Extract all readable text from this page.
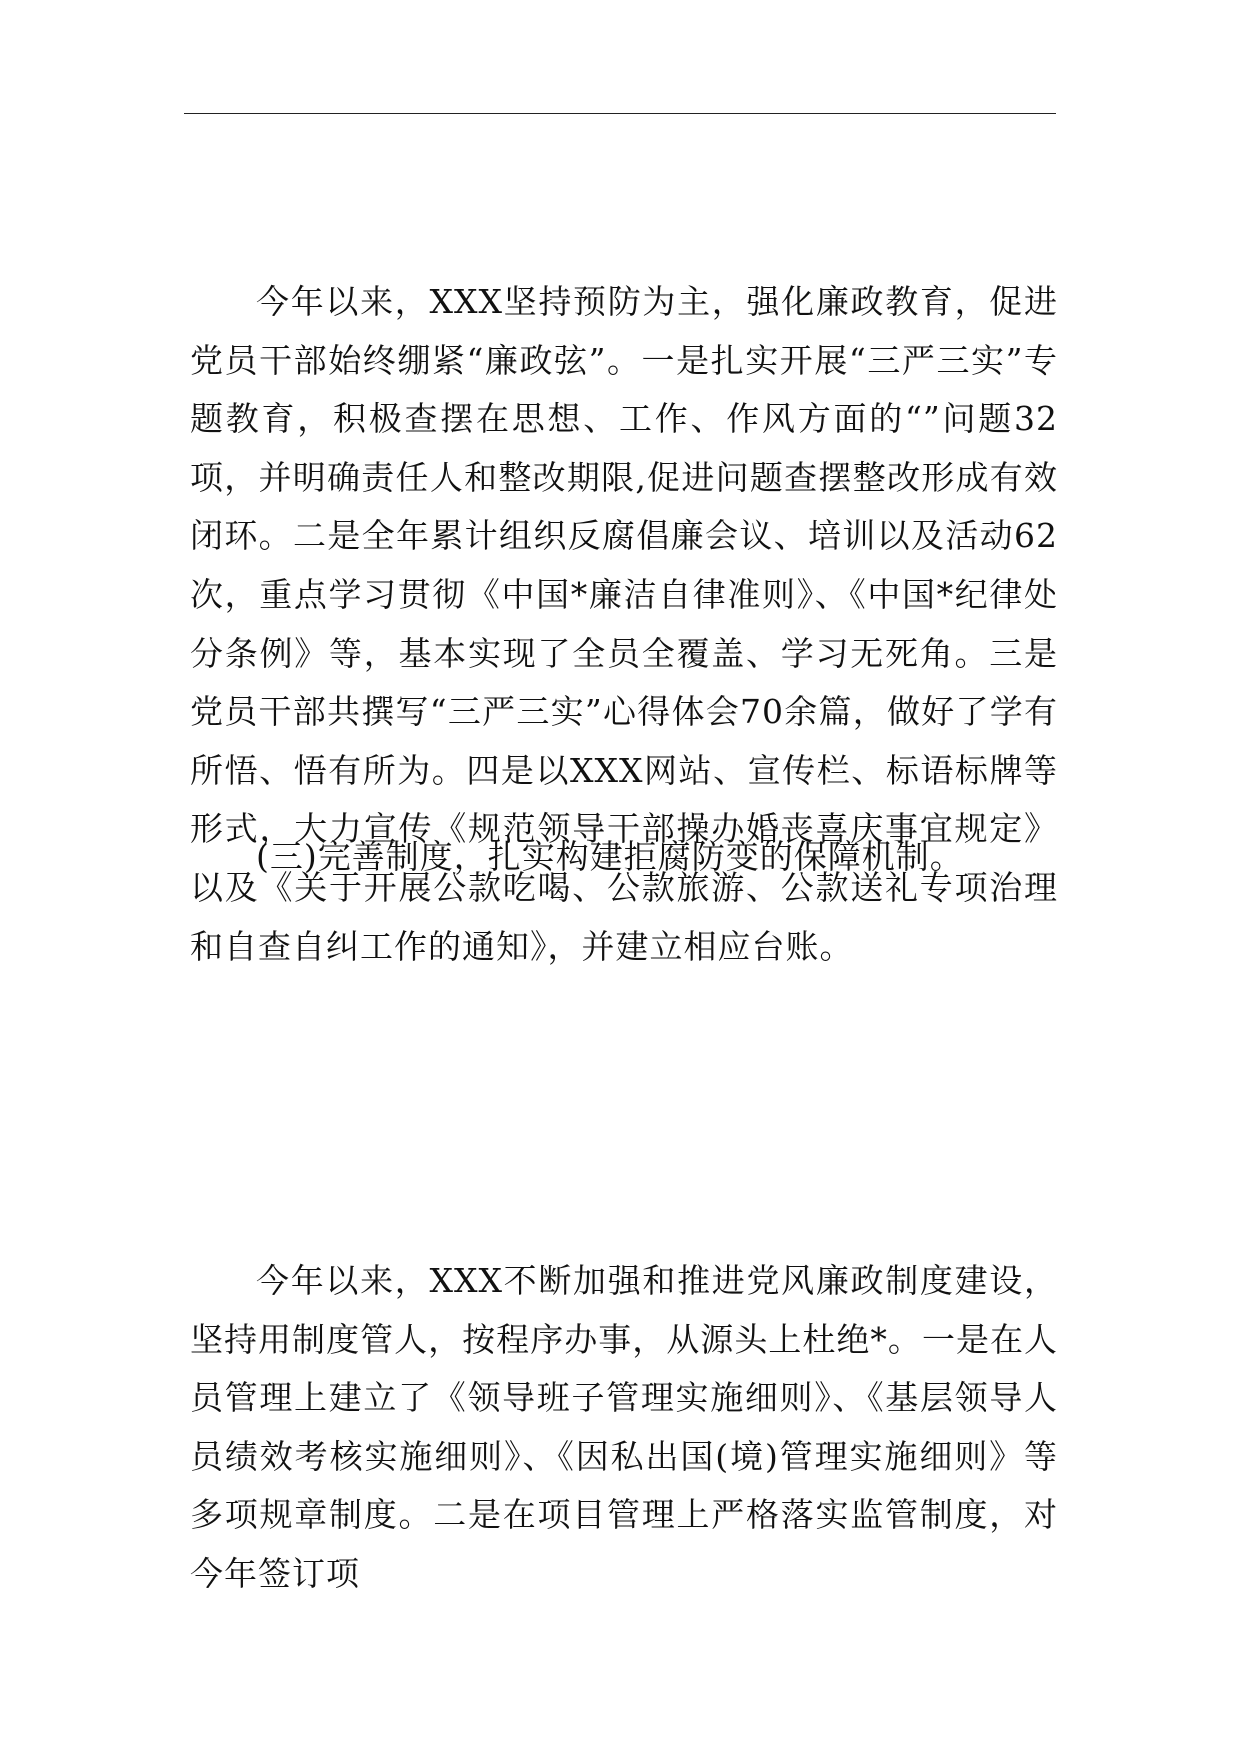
今年以来，XXX坚持预防为主，强化廉政教育，促进党员干部始终绷紧“廉政弦”。一是扎实开展“三严三实”专题教育，积极查摆在思想、工作、作风方面的“”问题32项，并明确责任人和整改期限,促进问题查摆整改形成有效闭环。二是全年累计组织反腐倡廉会议、培训以及活动62次，重点学习贯彻《中国*廉洁自律准则》、《中国*纪律处分条例》等，基本实现了全员全覆盖、学习无死角。三是党员干部共撰写“三严三实”心得体会70余篇，做好了学有所悟、悟有所为。四是以XXX网站、宣传栏、标语标牌等形式，大力宣传《规范领导干部操办婚丧喜庆事宜规定》以及《关于开展公款吃喝、公款旅游、公款送礼专项治理和自查自纠工作的通知》，并建立相应台账。

(三)完善制度，扎实构建拒腐防变的保障机制。

今年以来，XXX不断加强和推进党风廉政制度建设，坚持用制度管人，按程序办事，从源头上杜绝*。一是在人员管理上建立了《领导班子管理实施细则》、《基层领导人员绩效考核实施细则》、《因私出国(境)管理实施细则》等多项规章制度。二是在项目管理上严格落实监管制度，对今年签订项
